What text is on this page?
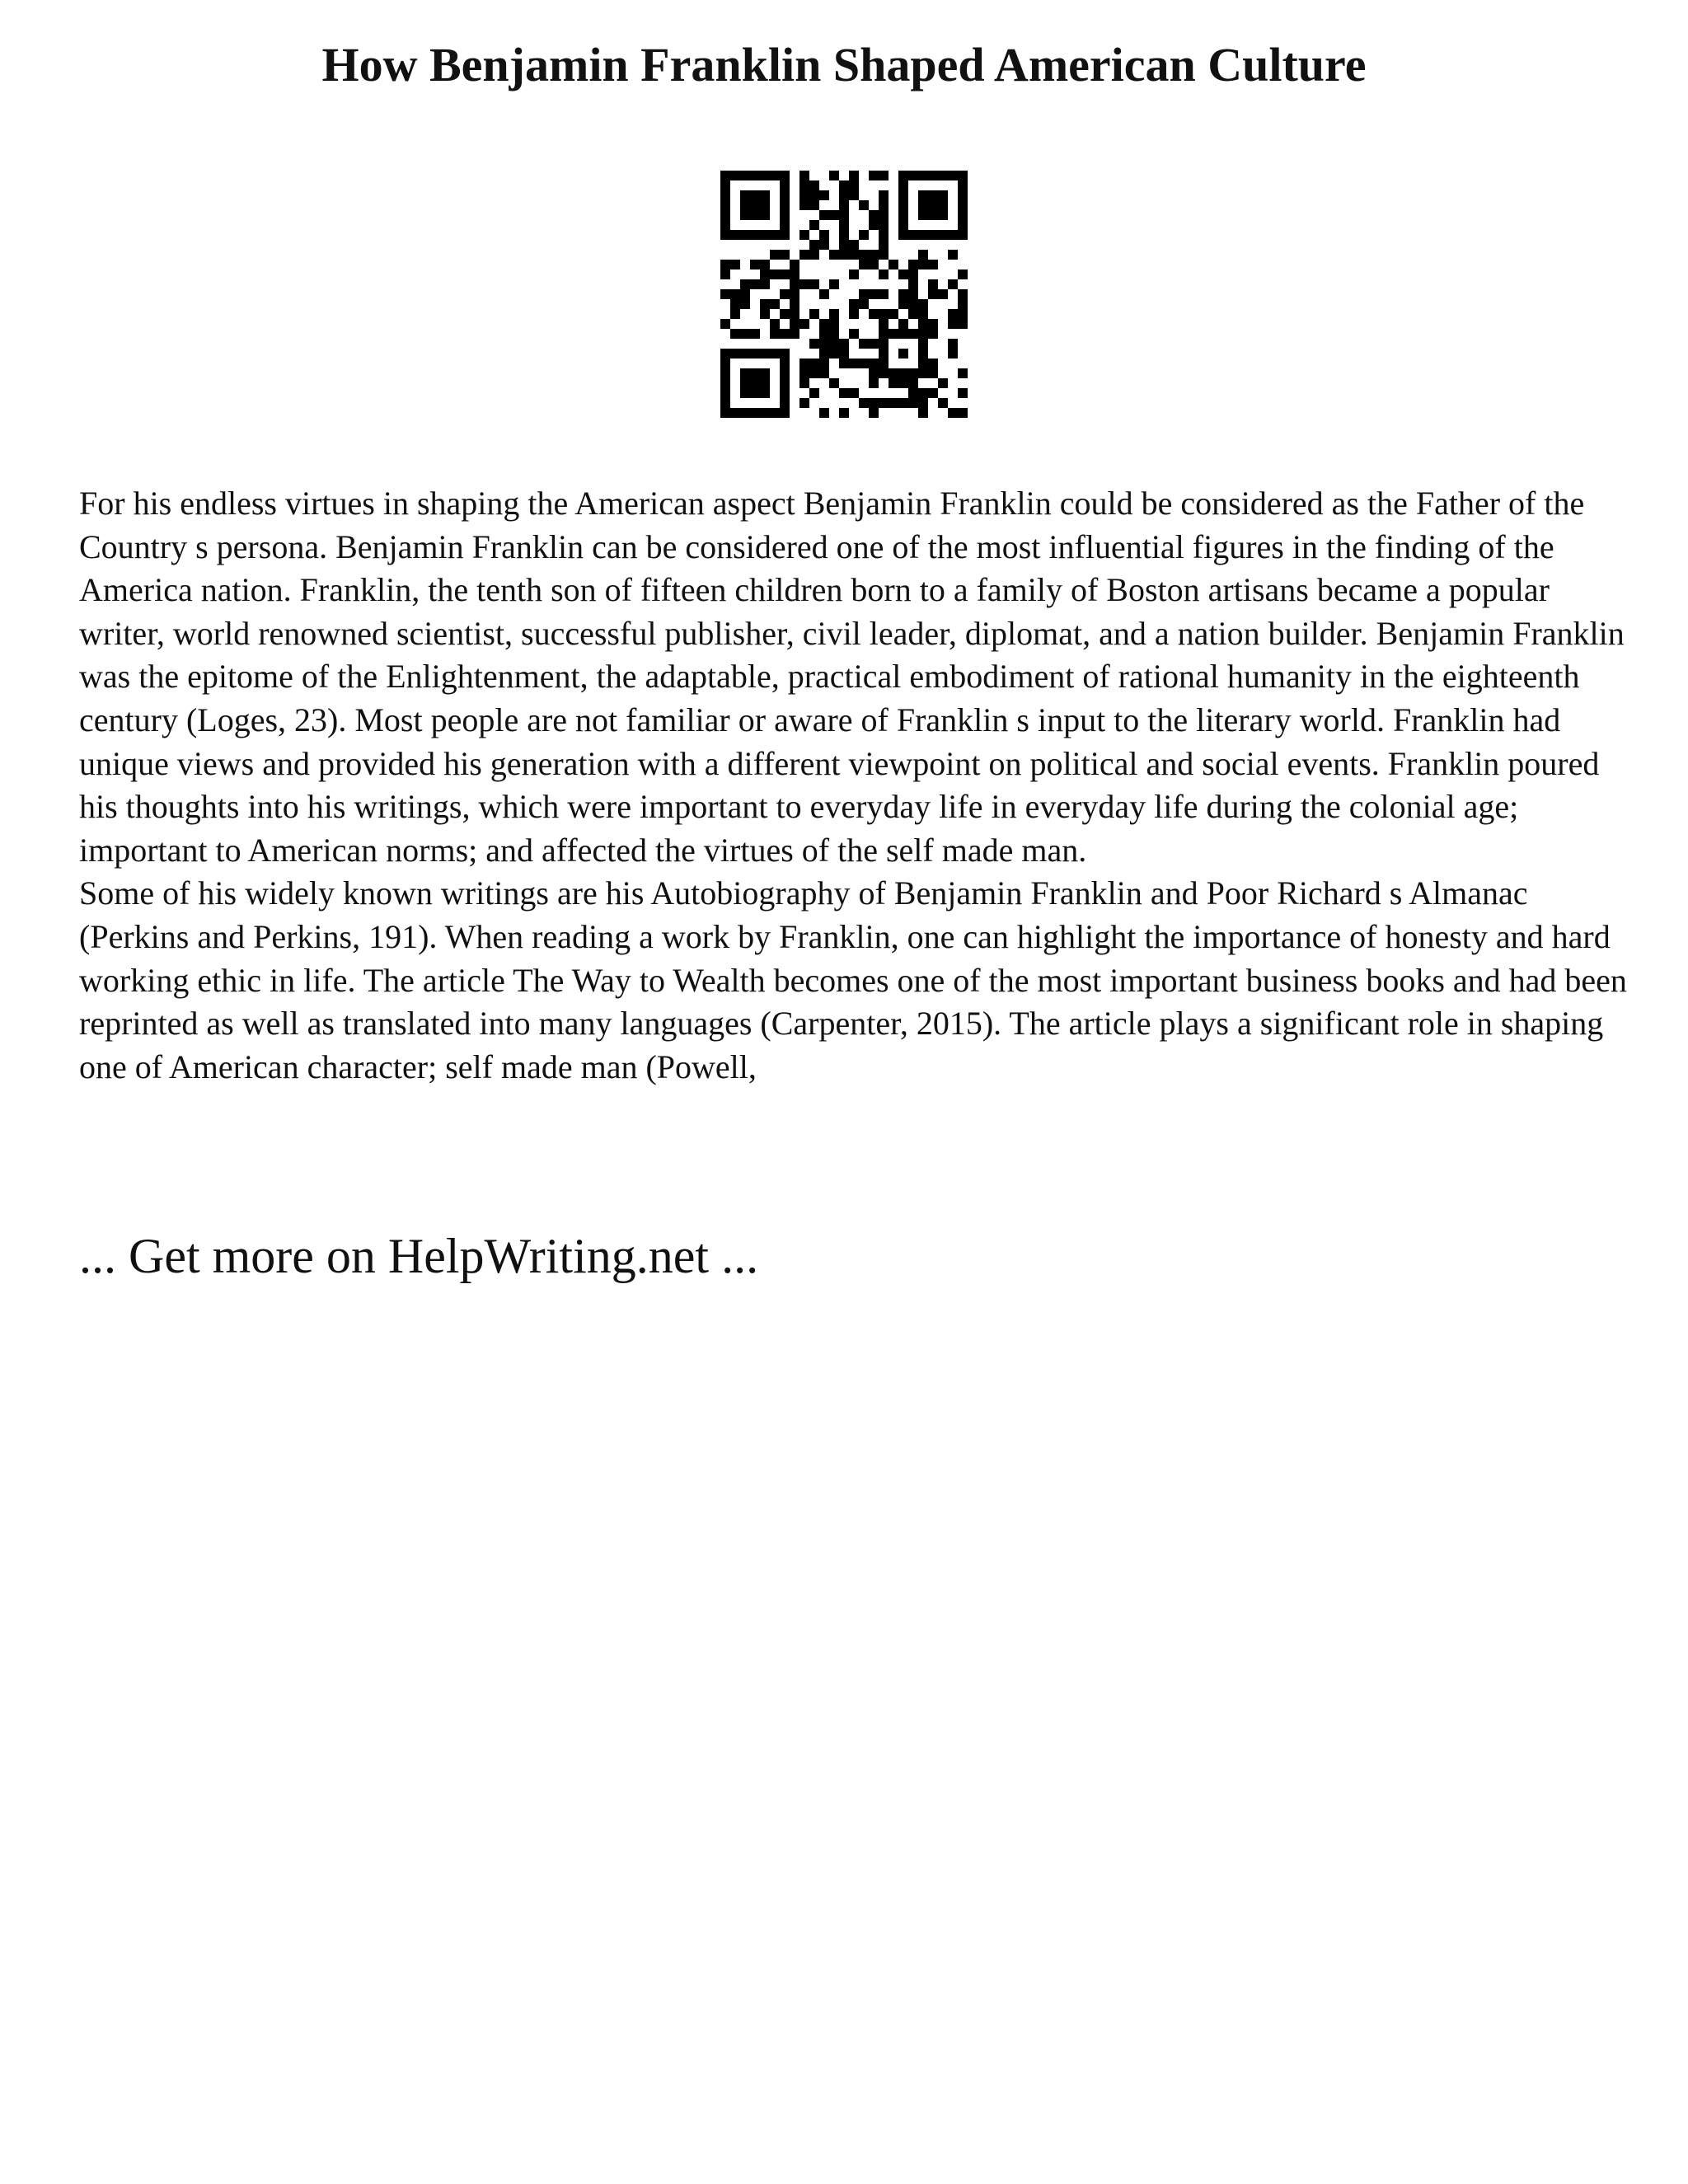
How Benjamin Franklin Shaped American Culture

For his endless virtues in shaping the American aspect Benjamin Franklin could be considered as the Father of the Country s persona. Benjamin Franklin can be considered one of the most influential figures in the finding of the America nation. Franklin, the tenth son of fifteen children born to a family of Boston artisans became a popular writer, world renowned scientist, successful publisher, civil leader, diplomat, and a nation builder. Benjamin Franklin was the epitome of the Enlightenment, the adaptable, practical embodiment of rational humanity in the eighteenth century (Loges, 23). Most people are not familiar or aware of Franklin s input to the literary world. Franklin had unique views and provided his generation with a different viewpoint on political and social events. Franklin poured his thoughts into his writings, which were important to everyday life in everyday life during the colonial age; important to American norms; and affected the virtues of the self made man.

Some of his widely known writings are his Autobiography of Benjamin Franklin and Poor Richard s Almanac (Perkins and Perkins, 191). When reading a work by Franklin, one can highlight the importance of honesty and hard working ethic in life. The article The Way to Wealth becomes one of the most important business books and had been reprinted as well as translated into many languages (Carpenter, 2015). The article plays a significant role in shaping one of American character; self made man (Powell,

... Get more on HelpWriting.net ...
